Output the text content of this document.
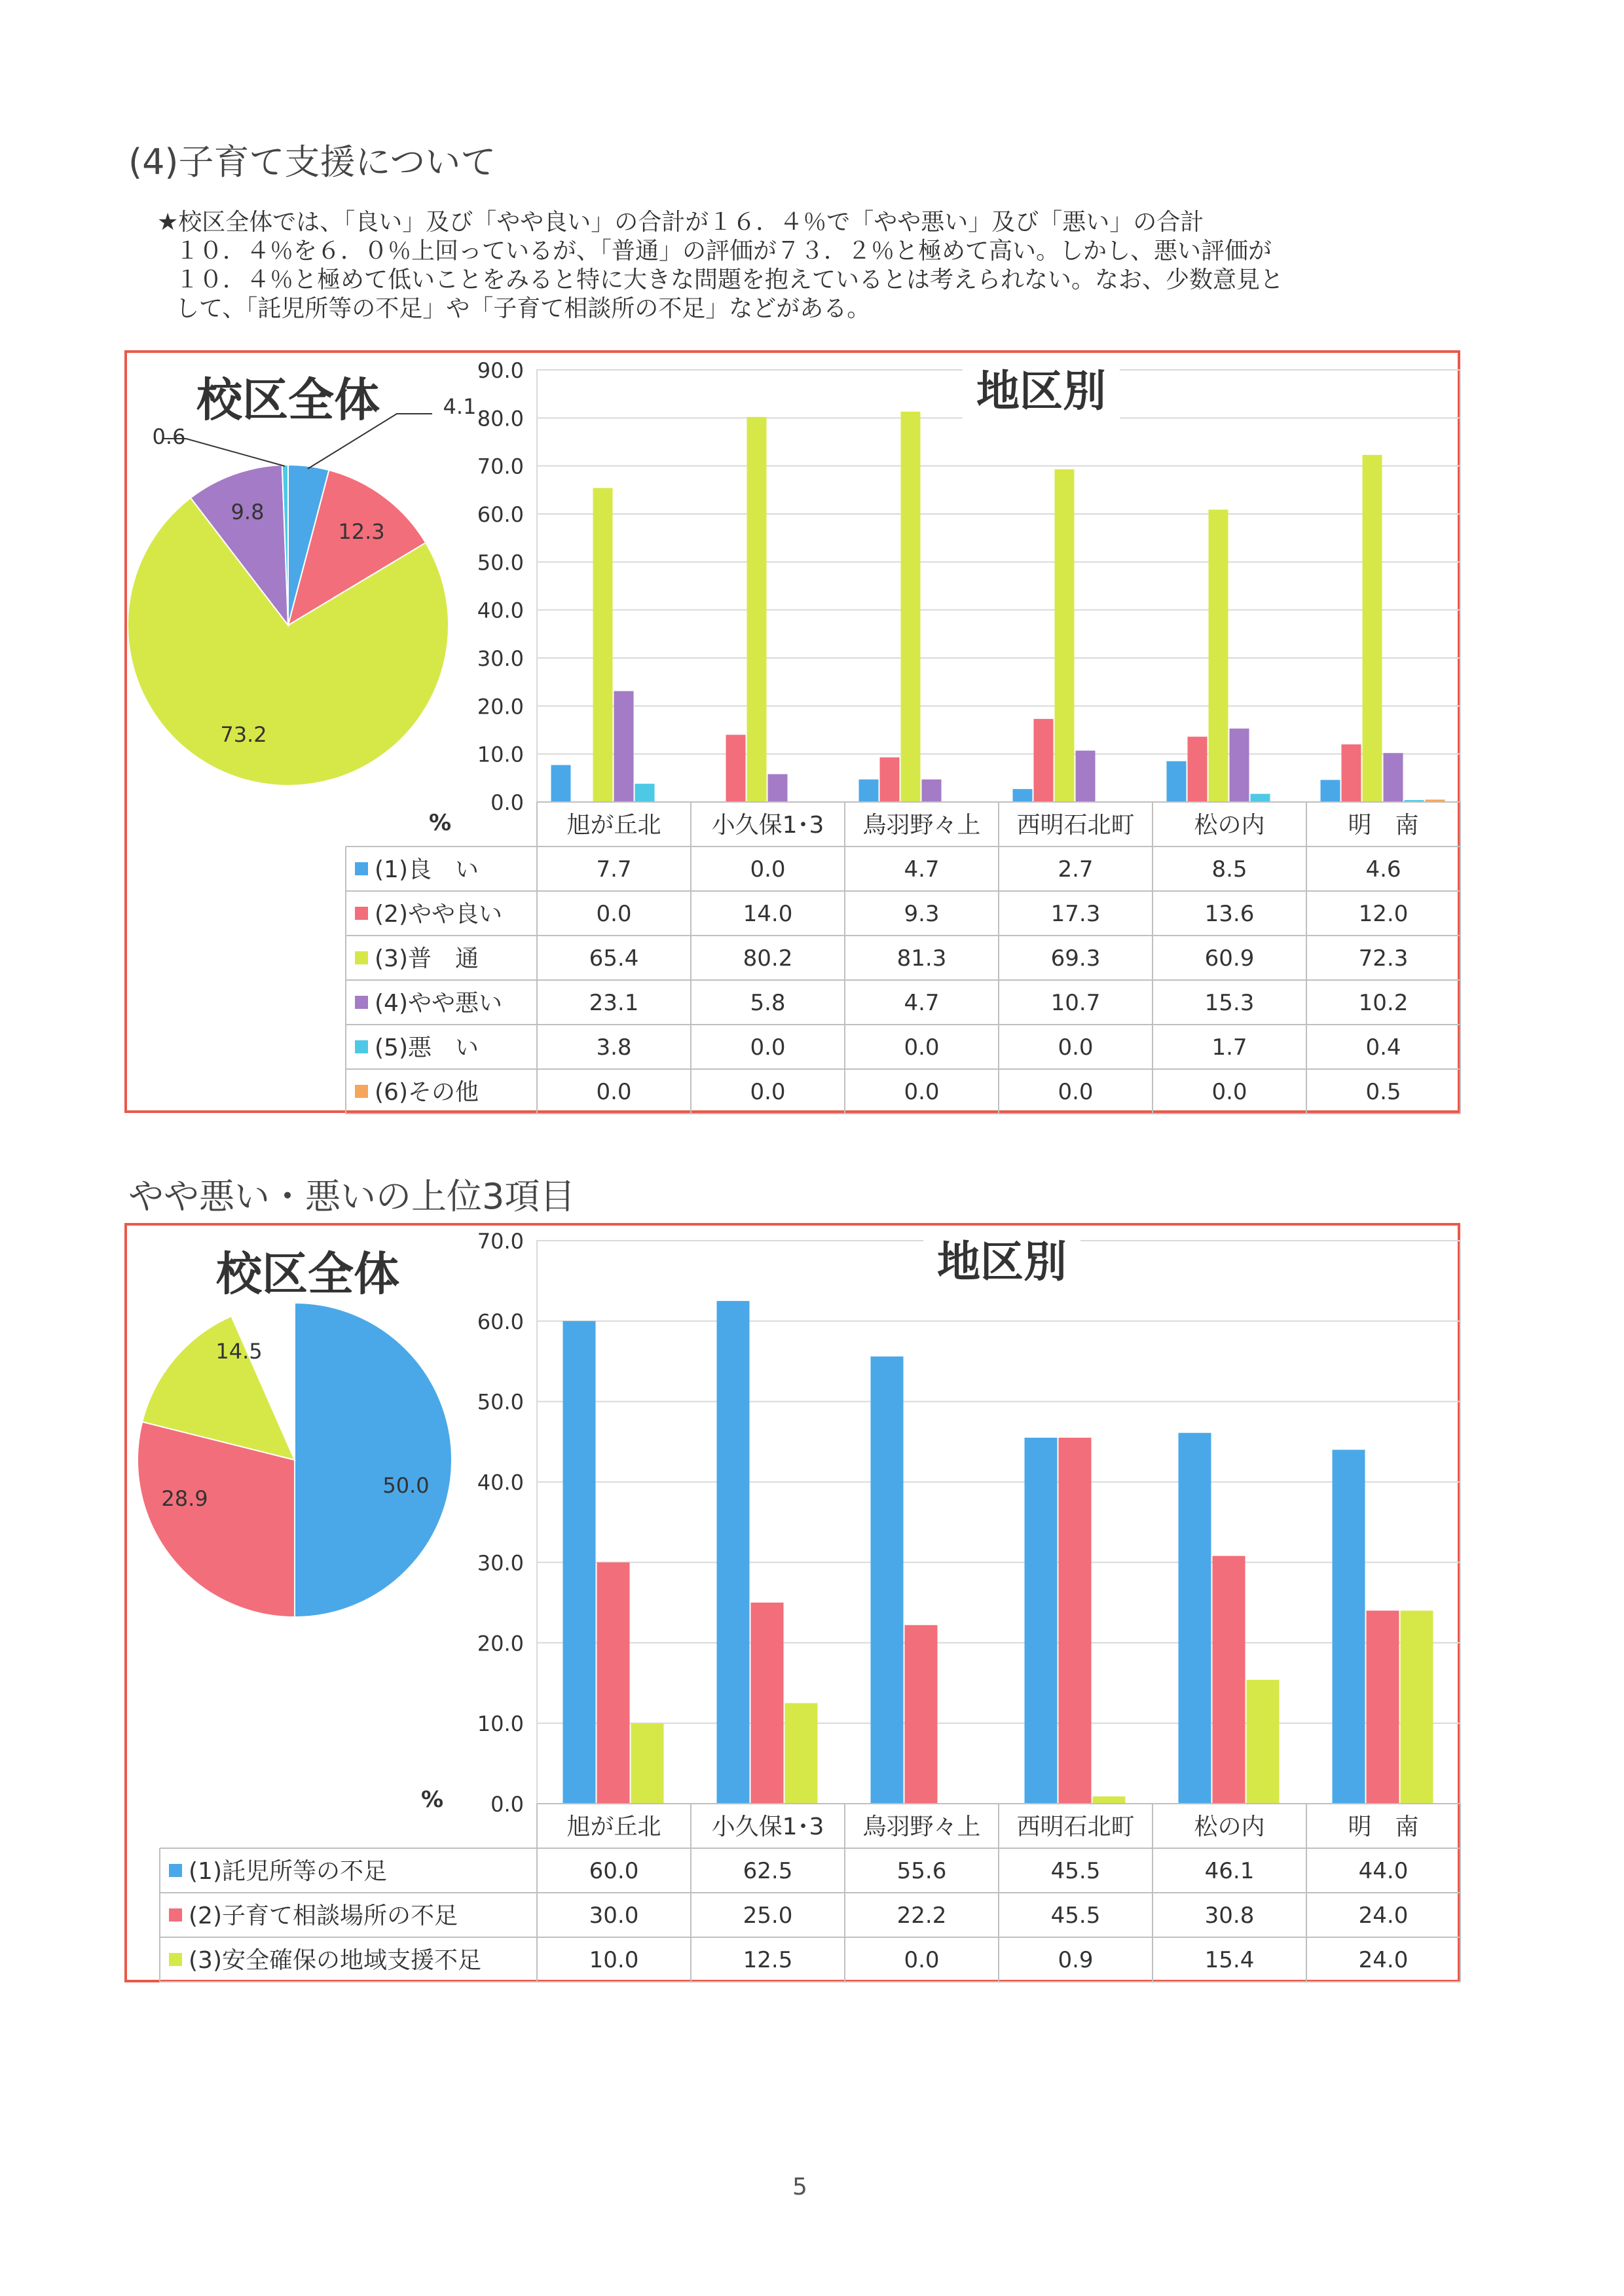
(4)子育て支援について
★校区全体では、「良い」及び「やや良い」の合計が１６．４％で「やや悪い」及び「悪い」の合計
１０．４％を６．０％上回っているが、「普通」の評価が７３．２％と極めて高い。しかし、悪い評価が
１０．４％と極めて低いことをみると特に大きな問題を抱えているとは考えられない。なお、少数意見と
して、「託児所等の不足」や「子育て相談所の不足」などがある。
校区全体	4.1
12.3
73.2
9.8
0.6
90.0
80.0
70.0
60.0
50.0
40.0
30.0
20.0
10.0
0.0
地区別
%	旭が丘北 小久保1･3 鳥羽野々上 西明石北町	松の内	明　南
(1)良　い	7.7	0.0	4.7	2.7	8.5	4.6
(2)やや良い	0.0	14.0	9.3	17.3	13.6	12.0
(3)普　通	65.4	80.2	81.3	69.3	60.9	72.3
(4)やや悪い	23.1	5.8	4.7	10.7	15.3	10.2
(5)悪　い	3.8	0.0	0.0	0.0	1.7	0.4
(6)その他	0.0	0.0	0.0	0.0	0.0	0.5
やや悪い・悪いの上位3項目
校区全体
50.0
28.9
14.5
70.0
60.0
50.0
40.0
30.0
20.0
10.0
0.0
地区別
%
旭が丘北 小久保1･3 鳥羽野々上 西明石北町	松の内	明　南
(1)託児所等の不足	60.0	62.5	55.6	45.5	46.1	44.0
(2)子育て相談場所の不足	30.0	25.0	22.2	45.5	30.8	24.0
(3)安全確保の地域支援不足	10.0	12.5	0.0	0.9	15.4	24.0
5
